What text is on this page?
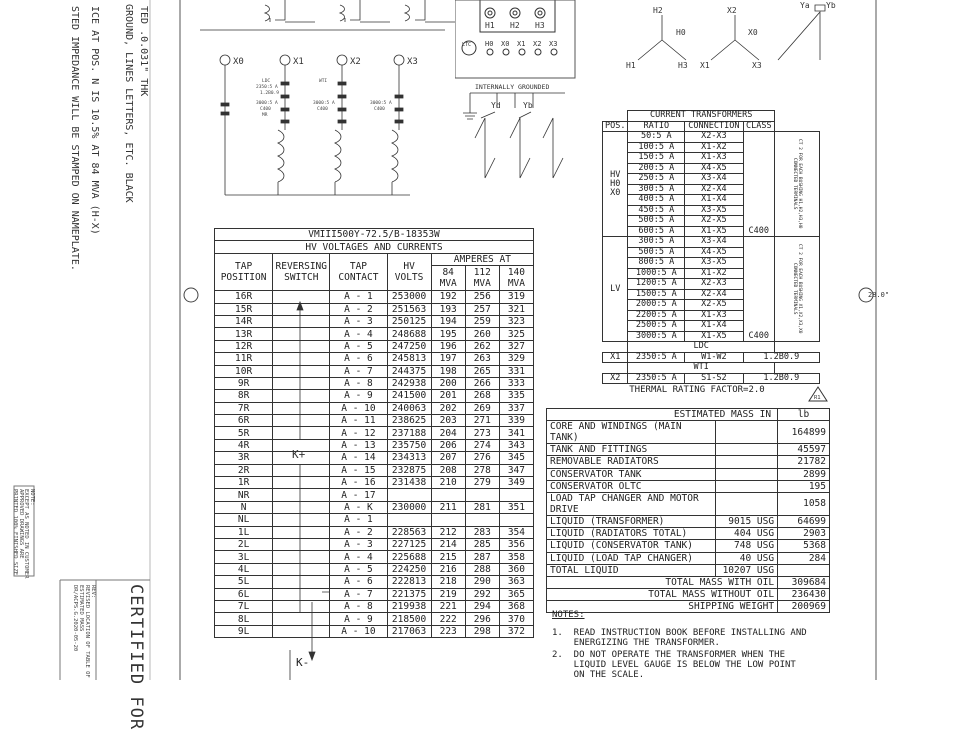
TED .0.031" THK
GROUND, LINES LETTERS, ETC. BLACK
ICE AT POS. N IS 10.5% AT 84 MVA (H-X)
STED IMPEDANCE WILL BE STAMPED ON NAMEPLATE.
NOTE:
EXCEPT AS NOTED IN CUSTOMER
APPROVED DRAWINGS ARE
PRINTED 100% FINISHED SIZE
REV:
REVISED LOCATION OF TABLE OF
ESTIMATED MASS
DR/ACPS.G.2020-05-20	CERTIFIED FOR
28.0"
X0	X1	X2	X3
LDC
2350:5 A
1.2B0.9
3000:5 A
C400
MR
WTI
3000:5 A
C400
3000:5 A
C400
H1 H2 H3
H0 X0 X1 X2 X3
LTC
INTERNALLY GROUNDED
Yd	Yb
H2
H0
H1	H3
X2
X0
X1	X3
Ya Yb
VMIII500Y-72.5/B-18353W						
HV VOLTAGES AND CURRENTS						
TAP POSITION	REVERSING SWITCH	TAP CONTACT	HV VOLTS	AMPERES AT		
				84 MVA	112 MVA	140 MVA
16R		A - 1	253000	192	256	319
15R		A - 2	251563	193	257	321
14R		A - 3	250125	194	259	323
13R		A - 4	248688	195	260	325
12R		A - 5	247250	196	262	327
11R		A - 6	245813	197	263	329
10R		A - 7	244375	198	265	331
9R		A - 8	242938	200	266	333
8R		A - 9	241500	201	268	335
7R		A - 10	240063	202	269	337
6R		A - 11	238625	203	271	339
5R		A - 12	237188	204	273	341
4R		A - 13	235750	206	274	343
3R		A - 14	234313	207	276	345
2R		A - 15	232875	208	278	347
1R		A - 16	231438	210	279	349
NR		A - 17				
N		A - K	230000	211	281	351
NL		A - 1				
1L		A - 2	228563	212	283	354
2L		A - 3	227125	214	285	356
3L		A - 4	225688	215	287	358
4L		A - 5	224250	216	288	360
5L		A - 6	222813	218	290	363
6L		A - 7	221375	219	292	365
7L		A - 8	219938	221	294	368
8L		A - 9	218500	222	296	370
9L		A - 10	217063	223	298	372
K+
K-
	CURRENT TRANSFORMERS			
POS.	RATIO	CONNECTION	CLASS	

HV
H0
X0	50:5 A	X2-X3		CT 2 FOR EACH BUSHING H1,H2,H3,H0 CONNECTED TERMINALS
	100:5 A	X1-X2		
	150:5 A	X1-X3		
	200:5 A	X4-X5		
	250:5 A	X3-X4		
	300:5 A	X2-X4		
	400:5 A	X1-X4		
	450:5 A	X3-X5		
	500:5 A	X2-X5		
	600:5 A	X1-X5	C400	
LV	300:5 A	X3-X4		CT 2 FOR EACH BUSHING X1,X2,X3,X0 CONNECTED TERMINALS
	500:5 A	X4-X5		
	800:5 A	X3-X5		
	1000:5 A	X1-X2		
	1200:5 A	X2-X3		
	1500:5 A	X2-X4		
	2000:5 A	X2-X5		
	2200:5 A	X1-X3		
	2500:5 A	X1-X4		
	3000:5 A	X1-X5	C400	
	LDC			
X1	2350:5 A	W1-W2	1.2B0.9	
	WTI			
X2	2350:5 A	S1-S2	1.2B0.9	
THERMAL RATING FACTOR=2.0
R1
ESTIMATED MASS IN		lb
CORE AND WINDINGS (MAIN TANK)		164899
TANK AND FITTINGS		45597
REMOVABLE RADIATORS		21782
CONSERVATOR TANK		2899
CONSERVATOR OLTC		195
LOAD TAP CHANGER AND MOTOR DRIVE		1058
LIQUID (TRANSFORMER)	9015 USG	64699
LIQUID (RADIATORS TOTAL)	404 USG	2903
LIQUID (CONSERVATOR TANK)	748 USG	5368
LIQUID (LOAD TAP CHANGER)	40 USG	284
TOTAL LIQUID	10207 USG	
TOTAL MASS WITH OIL		309684
TOTAL MASS WITHOUT OIL		236430
SHIPPING WEIGHT		200969
NOTES:
1.  READ INSTRUCTION BOOK BEFORE INSTALLING AND
ENERGIZING THE TRANSFORMER.
2.  DO NOT OPERATE THE TRANSFORMER WHEN THE
LIQUID LEVEL GAUGE IS BELOW THE LOW POINT
ON THE SCALE.
